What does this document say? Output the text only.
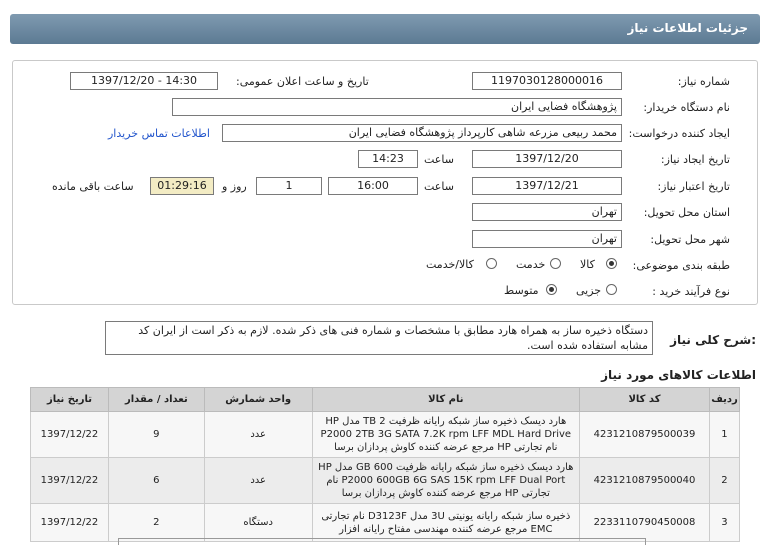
جزئیات اطلاعات نیاز
شماره نیاز:
1197030128000016
تاریخ و ساعت اعلان عمومی:
1397/12/20 - 14:30
نام دستگاه خریدار:
پژوهشگاه فضایی ایران
ایجاد کننده درخواست:
محمد ربیعی مزرعه شاهی کارپرداز پژوهشگاه فضایی ایران
اطلاعات تماس خریدار
تاریخ ایجاد نیاز:
1397/12/20
ساعت
14:23
تاریخ اعتبار نیاز:
1397/12/21
ساعت
16:00
1
روز و
01:29:16
ساعت باقی مانده
استان محل تحویل:
تهران
شهر محل تحویل:
تهران
طبقه بندی موضوعی:
کالا
خدمت
کالا/خدمت
نوع فرآیند خرید :
جزیی
متوسط
شرح کلی نیاز:
دستگاه ذخیره ساز به همراه هارد مطابق با مشخصات و شماره فنی های ذکر شده. لازم به ذکر است از ایران کد مشابه استفاده شده است.
اطلاعات کالاهای مورد نیاز
تاریخ نیاز	تعداد / مقدار	واحد شمارش	نام کالا	کد کالا	ردیف
1397/12/22	9	عدد	هارد دیسک ذخیره ساز شبکه رایانه ظرفیت 2 TB مدل HP P2000 2TB 3G SATA 7.2K rpm LFF MDL Hard Drive نام تجارتی HP مرجع عرضه کننده کاوش پردازان برسا	4231210879500039	1
1397/12/22	6	عدد	هارد دیسک ذخیره ساز شبکه رایانه ظرفیت 600 GB مدل HP P2000 600GB 6G SAS 15K rpm LFF Dual Port نام تجارتی HP مرجع عرضه کننده کاوش پردازان برسا	4231210879500040	2
1397/12/22	2	دستگاه	ذخیره ساز شبکه رایانه یونیتی 3U مدل D3123F نام تجارتی EMC مرجع عرضه کننده مهندسی مفتاح رایانه افزار	2233110790450008	3
